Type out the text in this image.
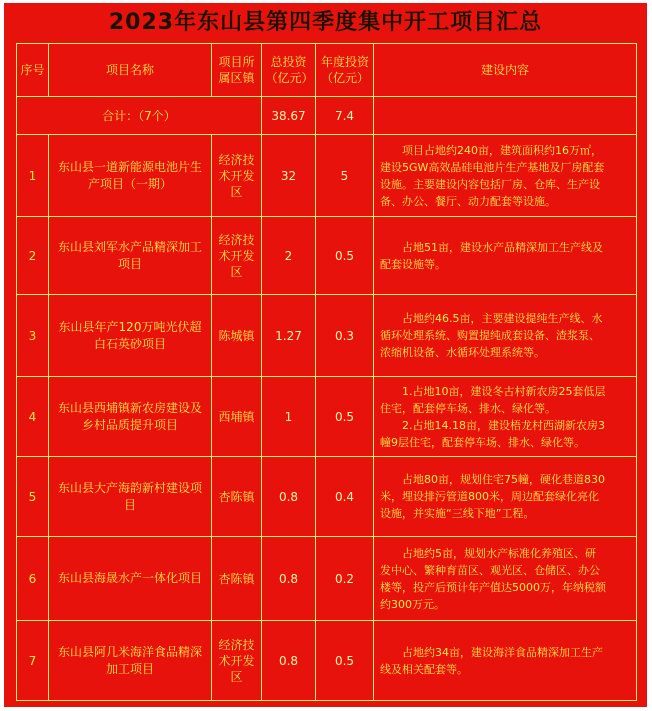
2023年东山县第四季度集中开工项目汇总
序号	项目名称	项目所属区镇	总投资（亿元）	年度投资（亿元）	建设内容
合计：（7个）			38.67	7.4	
1	东山县一道新能源电池片生产项目（一期）	经济技术开发区	32	5	　　项目占地约240亩，建筑面积约16万㎡，
建设5GW高效晶硅电池片生产基地及厂房配套
设施。主要建设内容包括厂房、仓库、生产设
备、办公、餐厅、动力配套等设施。

2	东山县刘军水产品精深加工项目	经济技术开发区	2	0.5	　　占地51亩，建设水产品精深加工生产线及
配套设施等。

3	东山县年产120万吨光伏超白石英砂项目	陈城镇	1.27	0.3	　　占地约46.5亩，主要建设提纯生产线、水
循环处理系统、购置提纯成套设备、渣浆泵、
浓缩机设备、水循环处理系统等。

4	东山县西埔镇新农房建设及乡村品质提升项目	西埔镇	1	0.5	　　1.占地10亩，建设冬古村新农房25套低层
住宅，配套停车场、排水、绿化等。
　　2.占地14.18亩，建设梧龙村西湖新农房3
幢9层住宅，配套停车场、排水、绿化等。

5	东山县大产海韵新村建设项目	杏陈镇	0.8	0.4	　　占地80亩，规划住宅75幢，硬化巷道830
米，埋设排污管道800米，周边配套绿化亮化
设施，并实施“三线下地”工程。

6	东山县海晟水产一体化项目	杏陈镇	0.8	0.2	　　占地约5亩，规划水产标准化养殖区、研
发中心、繁种育苗区、观光区、仓储区、办公
楼等，投产后预计年产值达5000万，年纳税额
约300万元。

7	东山县阿几米海洋食品精深加工项目	经济技术开发区	0.8	0.5	　　占地约34亩，建设海洋食品精深加工生产
线及相关配套等。
